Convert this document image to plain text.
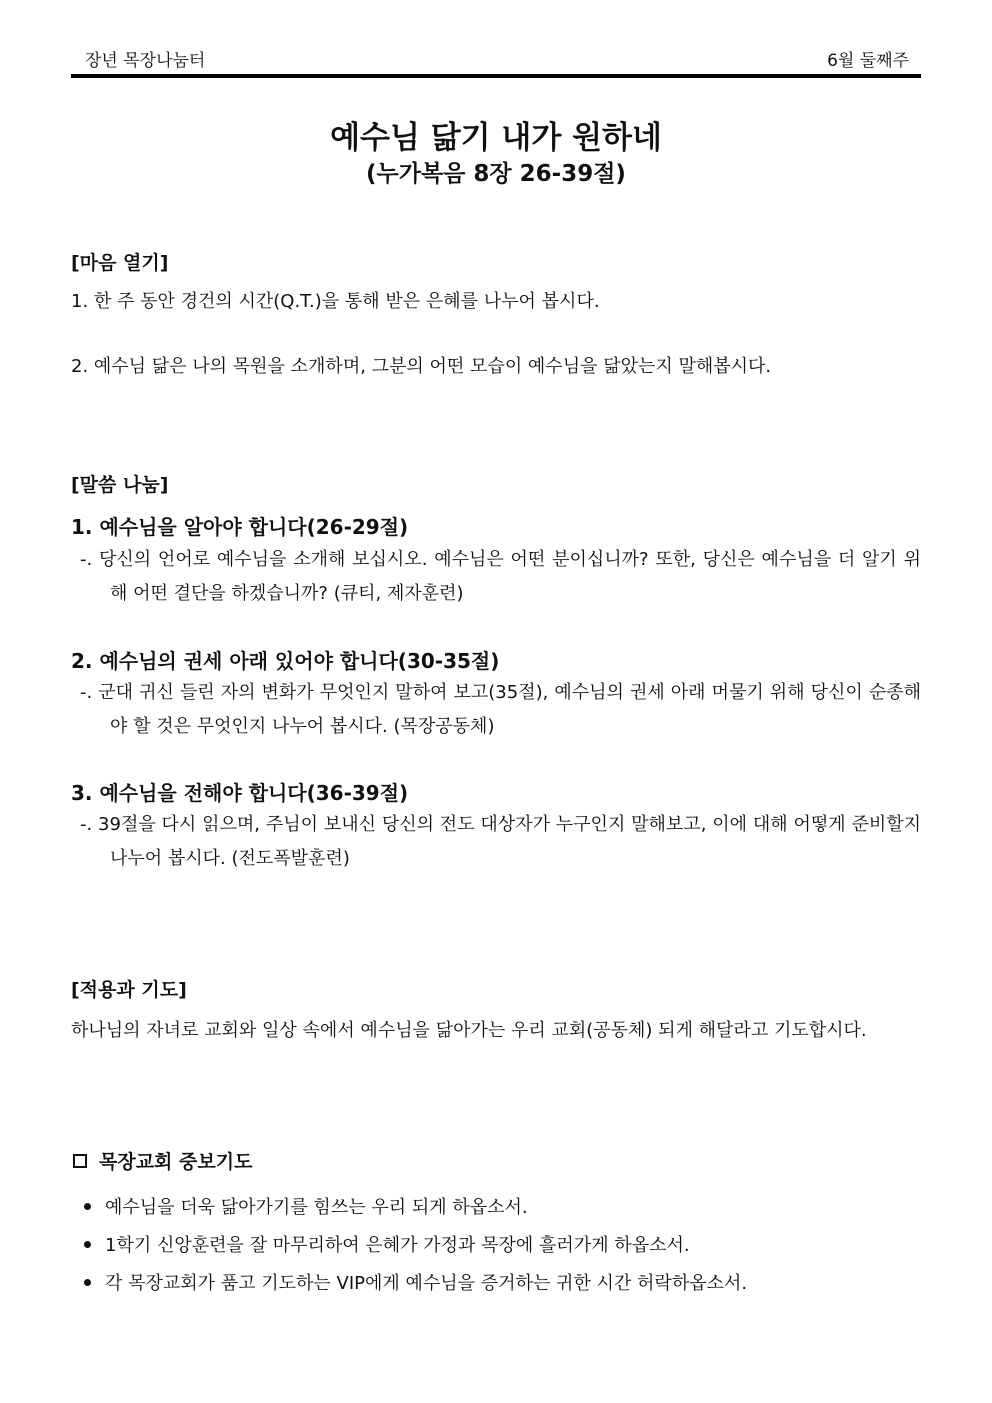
장년 목장나눔터	6월 둘째주
예수님 닮기 내가 원하네
(누가복음 8장 26-39절)
[마음 열기]
1. 한 주 동안 경건의 시간(Q.T.)을 통해 받은 은혜를 나누어 봅시다.
2. 예수님 닮은 나의 목원을 소개하며, 그분의 어떤 모습이 예수님을 닮았는지 말해봅시다.
[말씀 나눔]
1. 예수님을 알아야 합니다(26-29절)
-. 당신의 언어로 예수님을 소개해 보십시오. 예수님은 어떤 분이십니까? 또한, 당신은 예수님을 더 알기 위해 어떤 결단을 하겠습니까? (큐티, 제자훈련)
2. 예수님의 권세 아래 있어야 합니다(30-35절)
-. 군대 귀신 들린 자의 변화가 무엇인지 말하여 보고(35절), 예수님의 권세 아래 머물기 위해 당신이 순종해야 할 것은 무엇인지 나누어 봅시다. (목장공동체)
3. 예수님을 전해야 합니다(36-39절)
-. 39절을 다시 읽으며, 주님이 보내신 당신의 전도 대상자가 누구인지 말해보고, 이에 대해 어떻게 준비할지 나누어 봅시다. (전도폭발훈련)
[적용과 기도]
하나님의 자녀로 교회와 일상 속에서 예수님을 닮아가는 우리 교회(공동체) 되게 해달라고 기도합시다.
목장교회 중보기도
예수님을 더욱 닮아가기를 힘쓰는 우리 되게 하옵소서.
1학기 신앙훈련을 잘 마무리하여 은혜가 가정과 목장에 흘러가게 하옵소서.
각 목장교회가 품고 기도하는 VIP에게 예수님을 증거하는 귀한 시간 허락하옵소서.
